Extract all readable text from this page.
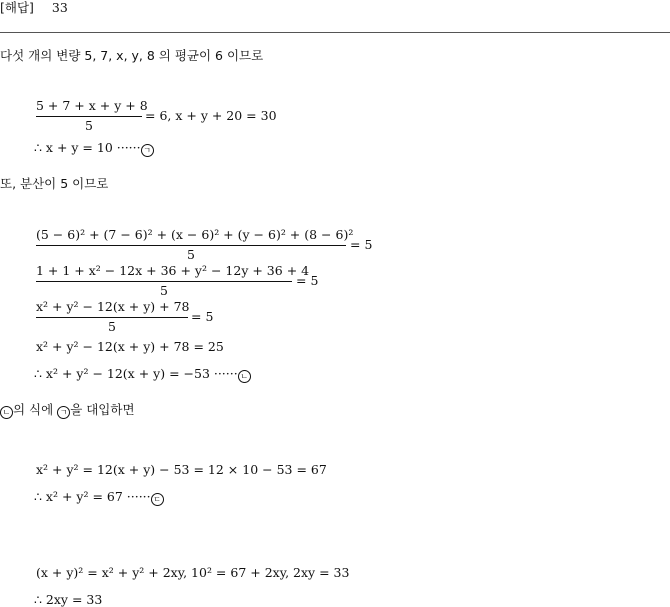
[해답] 33
다섯 개의 변량 5, 7, x, y, 8 의 평균이 6 이므로
5 + 7 + x + y + 8
5
= 6, x + y + 20 = 30
∴ x + y = 10 ······ ㄱ
또, 분산이 5 이므로
(5 − 6)² + (7 − 6)² + (x − 6)² + (y − 6)² + (8 − 6)²
5
= 5
1 + 1 + x² − 12x + 36 + y² − 12y + 36 + 4
5
= 5
x² + y² − 12(x + y) + 78
5
= 5
x² + y² − 12(x + y) + 78 = 25
∴ x² + y² − 12(x + y) = −53 ······ ㄴ
ㄴ 의 식에 ㄱ 을 대입하면
x² + y² = 12(x + y) − 53 = 12 × 10 − 53 = 67
∴ x² + y² = 67 ······ ㄷ
(x + y)² = x² + y² + 2xy, 10² = 67 + 2xy, 2xy = 33
∴ 2xy = 33
